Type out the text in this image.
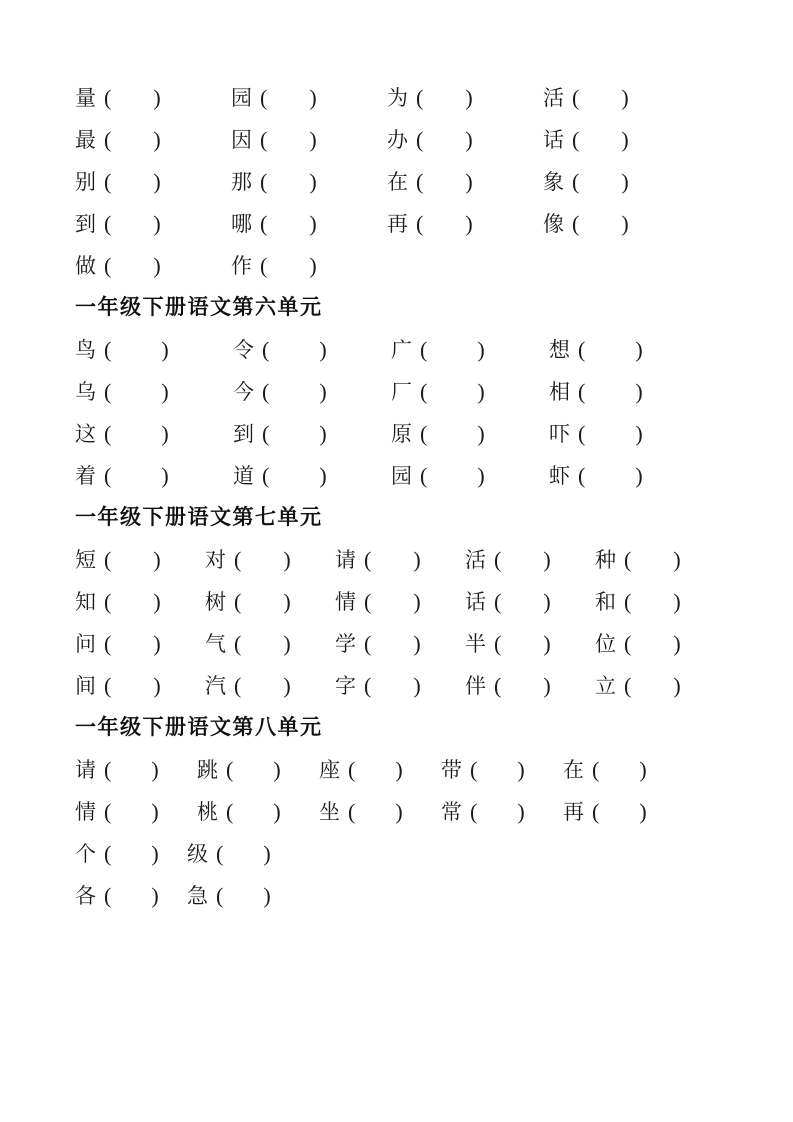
量 ( )	园 ( )	为 ( )	活 ( )
最 ( )	因 ( )	办 ( )	话 ( )
别 ( )	那 ( )	在 ( )	象 ( )
到 ( )	哪 ( )	再 ( )	像 ( )
做 ( )	作 ( )
一年级下册语文第六单元
鸟 ( )	令 ( )	广 ( )	想 ( )
乌 ( )	今 ( )	厂 ( )	相 ( )
这 ( )	到 ( )	原 ( )	吓 ( )
着 ( )	道 ( )	园 ( )	虾 ( )
一年级下册语文第七单元
短 ( ) 对 ( ) 请 ( ) 活 ( ) 种 ( )
知 ( ) 树 ( ) 情 ( ) 话 ( ) 和 ( )
问 ( ) 气 ( ) 学 ( ) 半 ( ) 位 ( )
间 ( ) 汽 ( ) 字 ( ) 伴 ( ) 立 ( )
一年级下册语文第八单元
请 ( ) 跳 ( ) 座 ( ) 带 ( ) 在 ( )
情 ( ) 桃 ( ) 坐 ( ) 常 ( ) 再 ( )
个 ( ) 级 ( )
各 ( ) 急 ( )
